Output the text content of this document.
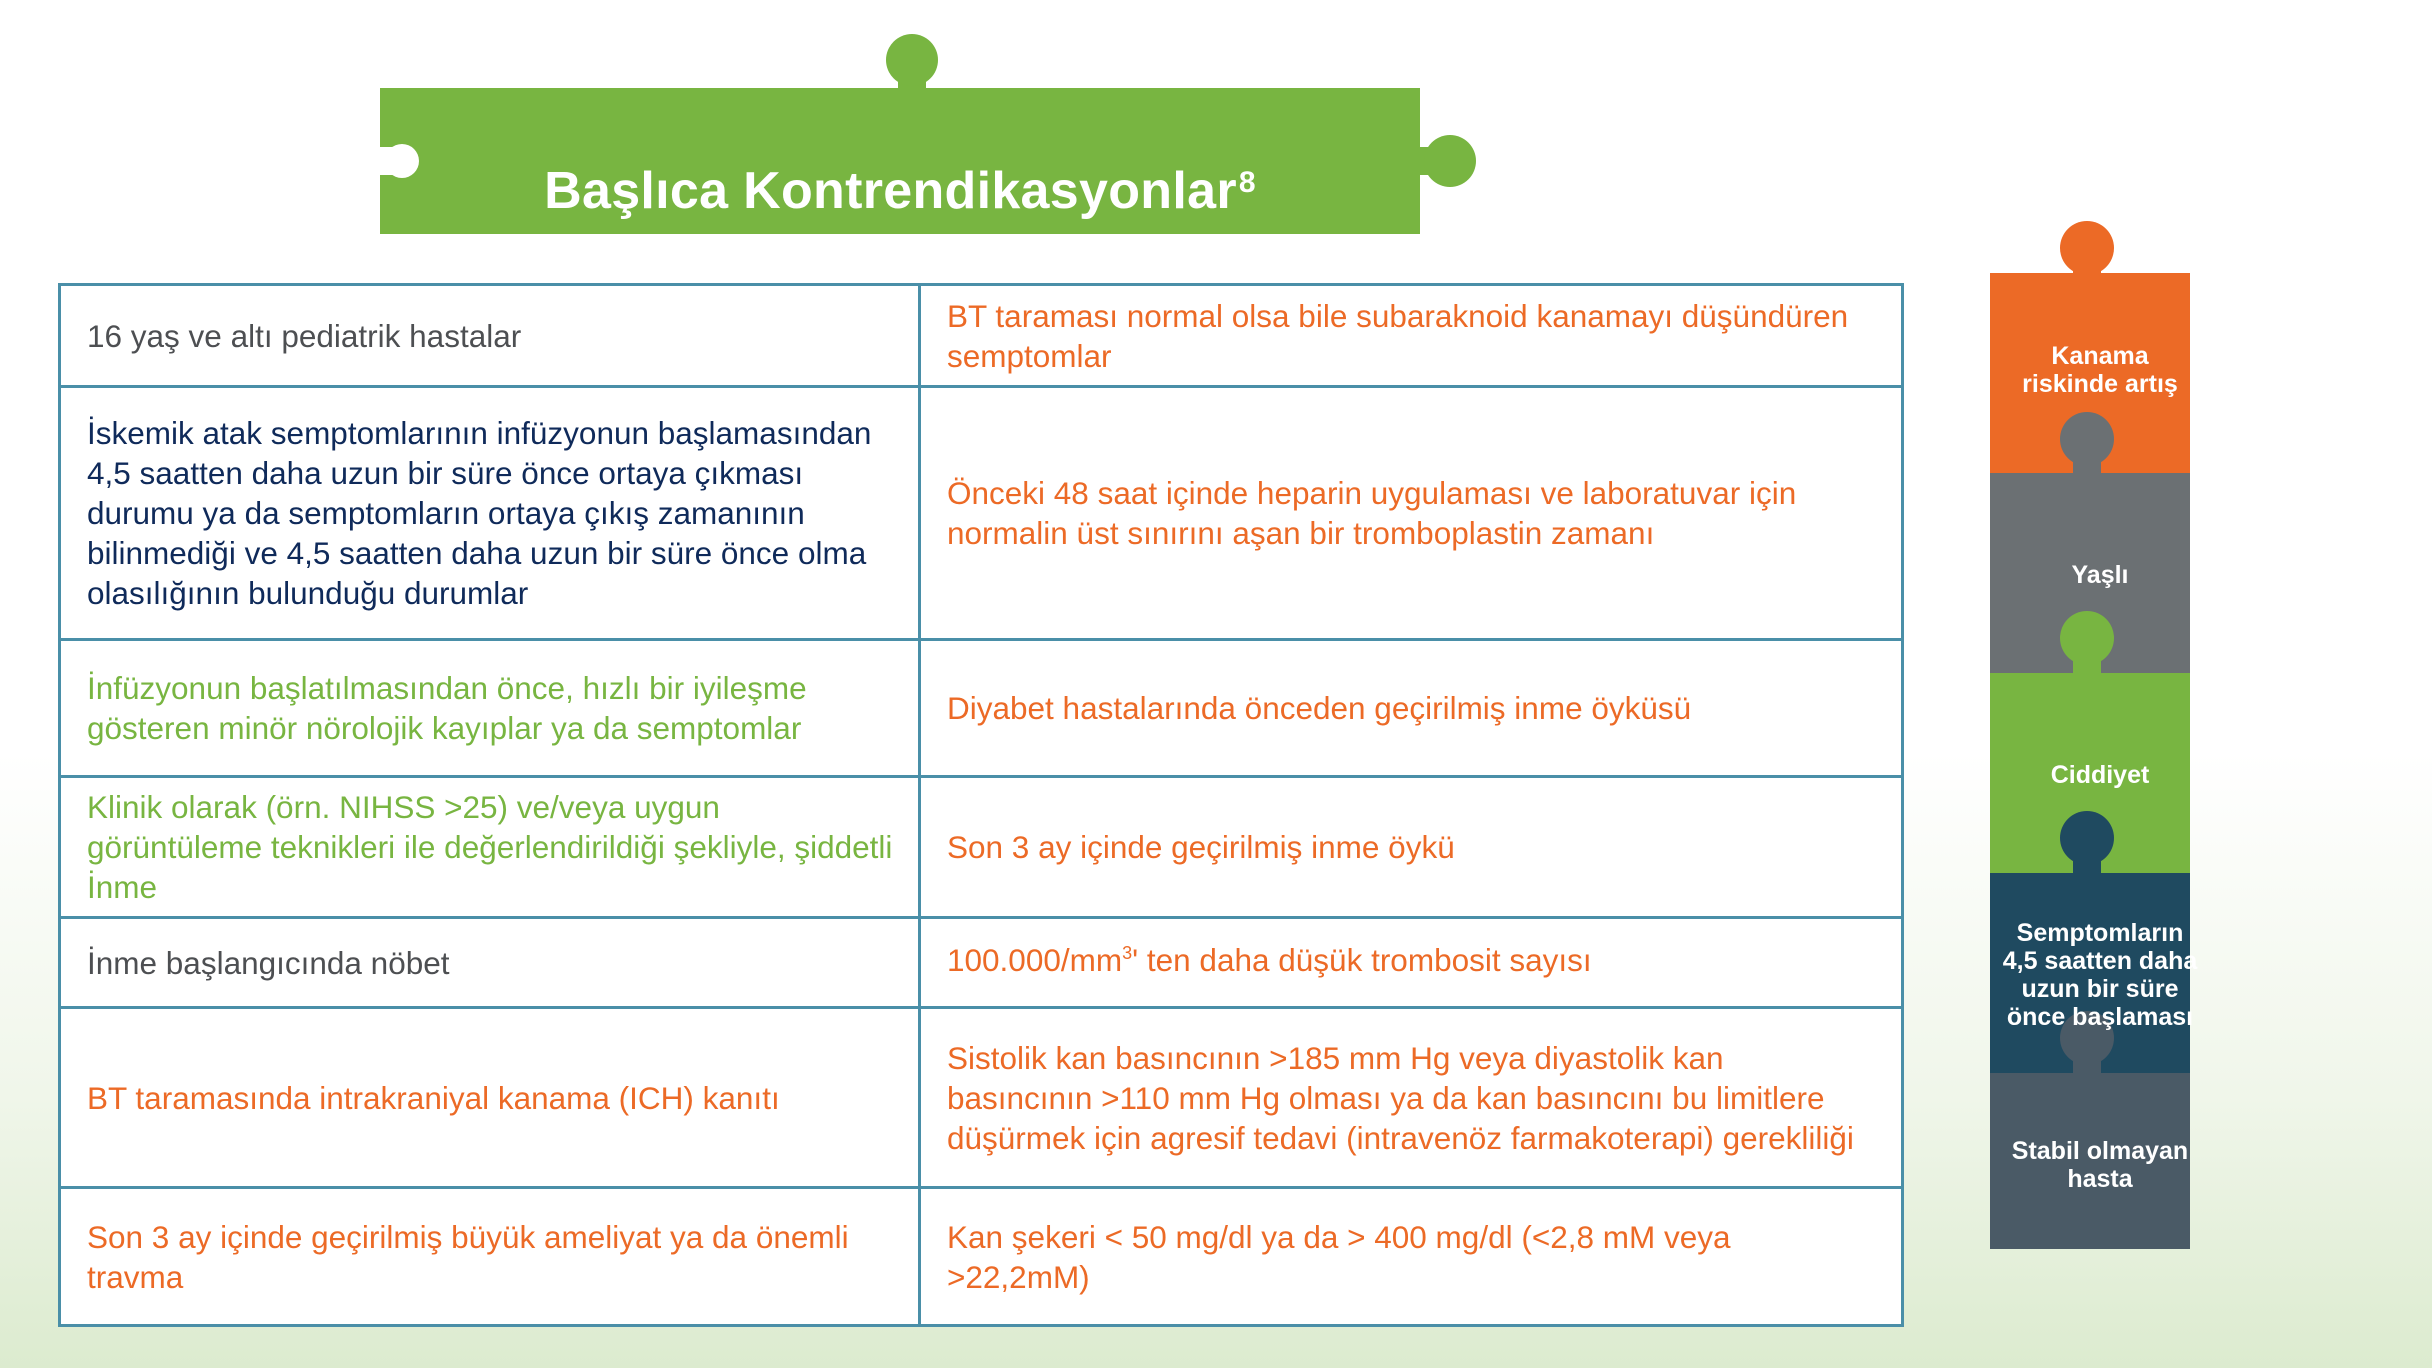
Başlıca Kontrendikasyonlar$^8$
16 yaş ve altı pediatrik hastalar	BT taraması normal olsa bile subaraknoid kanamayı düşündüren semptomlar
İskemik atak semptomlarının infüzyonun başlamasından 4,5 saatten daha uzun bir süre önce ortaya çıkması durumu ya da semptomların ortaya çıkış zamanının bilinmediği ve 4,5 saatten daha uzun bir süre önce olma olasılığının bulunduğu durumlar	Önceki 48 saat içinde heparin uygulaması ve laboratuvar için normalin üst sınırını aşan bir tromboplastin zamanı
İnfüzyonun başlatılmasından önce, hızlı bir iyileşme gösteren minör nörolojik kayıplar ya da semptomlar	Diyabet hastalarında önceden geçirilmiş inme öyküsü
Klinik olarak (örn. NIHSS >25) ve/veya uygun görüntüleme teknikleri ile değerlendirildiği şekliyle, şiddetli İnme	Son 3 ay içinde geçirilmiş inme öykü
İnme başlangıcında nöbet	$100.000/mm^3'$ ten daha düşük trombosit sayısı
BT taramasında intrakraniyal kanama (ICH) kanıtı	Sistolik kan basıncının >185 mm Hg veya diyastolik kan basıncının >110 mm Hg olması ya da kan basıncını bu limitlere düşürmek için agresif tedavi (intravenöz farmakoterapi) gerekliliği
Son 3 ay içinde geçirilmiş büyük ameliyat ya da önemli travma	Kan şekeri < 50 mg/dl ya da > 400 mg/dl (<2,8 mM veya >22,2mM)
Kanama riskinde artış
Yaşlı
Ciddiyet
Semptomların 4,5 saatten daha uzun bir süre önce başlaması
Stabil olmayan hasta
